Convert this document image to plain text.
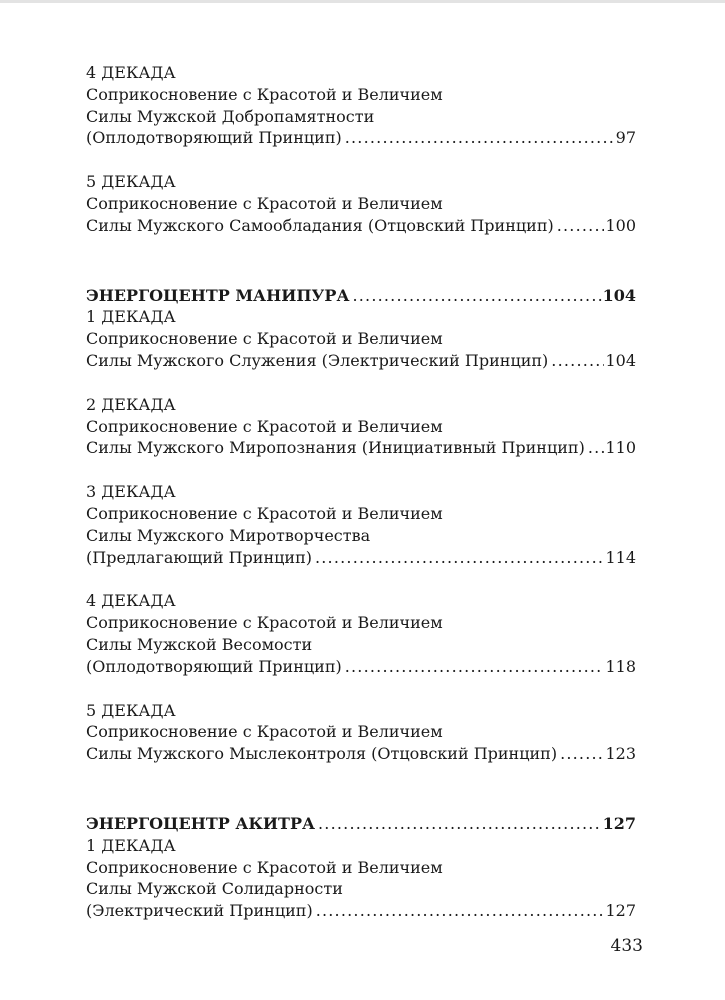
4 ДЕКАДА
Соприкосновение с Красотой и Величием
Силы Мужской Добропамятности
(Оплодотворяющий Принцип) .....	97
5 ДЕКАДА
Соприкосновение с Красотой и Величием
Силы Мужского Самообладания (Отцовский Принцип) .....	100
ЭНЕРГОЦЕНТР МАНИПУРА .....	104
1 ДЕКАДА
Соприкосновение с Красотой и Величием
Силы Мужского Служения (Электрический Принцип) .....	104
2 ДЕКАДА
Соприкосновение с Красотой и Величием
Силы Мужского Миропознания (Инициативный Принцип) ..... 110
3 ДЕКАДА
Соприкосновение с Красотой и Величием
Силы Мужского Миротворчества
(Предлагающий Принцип) .....	114
4 ДЕКАДА
Соприкосновение с Красотой и Величием
Силы Мужской Весомости
(Оплодотворяющий Принцип) .....	118
5 ДЕКАДА
Соприкосновение с Красотой и Величием
Силы Мужского Мыслеконтроля (Отцовский Принцип) .....	123
ЭНЕРГОЦЕНТР АКИТРА .....	127
1 ДЕКАДА
Соприкосновение с Красотой и Величием
Силы Мужской Солидарности
(Электрический Принцип) .....	127
433
